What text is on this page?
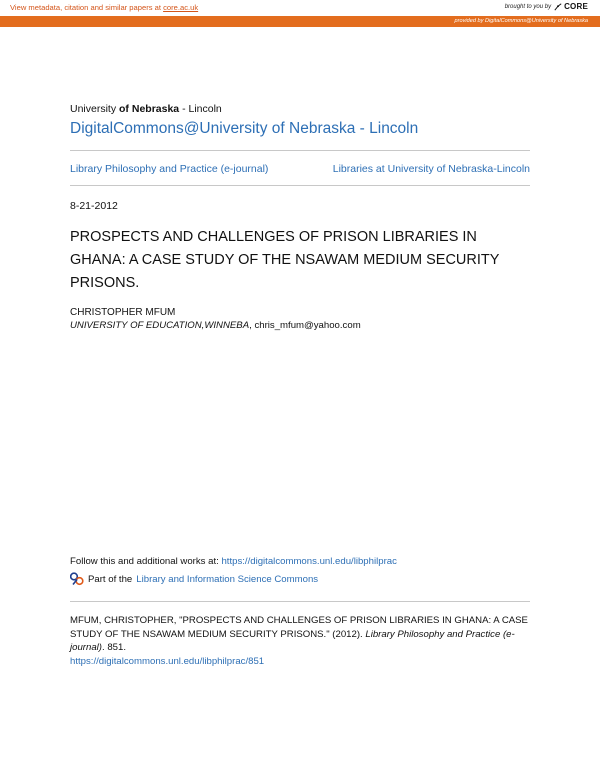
View metadata, citation and similar papers at core.ac.uk	brought to you by CORE
provided by DigitalCommons@University of Nebraska
University of Nebraska - Lincoln
DigitalCommons@University of Nebraska - Lincoln
Library Philosophy and Practice (e-journal)	Libraries at University of Nebraska-Lincoln
8-21-2012
PROSPECTS AND CHALLENGES OF PRISON LIBRARIES IN GHANA: A CASE STUDY OF THE NSAWAM MEDIUM SECURITY PRISONS.
CHRISTOPHER MFUM
UNIVERSITY OF EDUCATION,WINNEBA, chris_mfum@yahoo.com
Follow this and additional works at: https://digitalcommons.unl.edu/libphilprac
Part of the Library and Information Science Commons
MFUM, CHRISTOPHER, "PROSPECTS AND CHALLENGES OF PRISON LIBRARIES IN GHANA: A CASE STUDY OF THE NSAWAM MEDIUM SECURITY PRISONS." (2012). Library Philosophy and Practice (e-journal). 851.
https://digitalcommons.unl.edu/libphilprac/851
